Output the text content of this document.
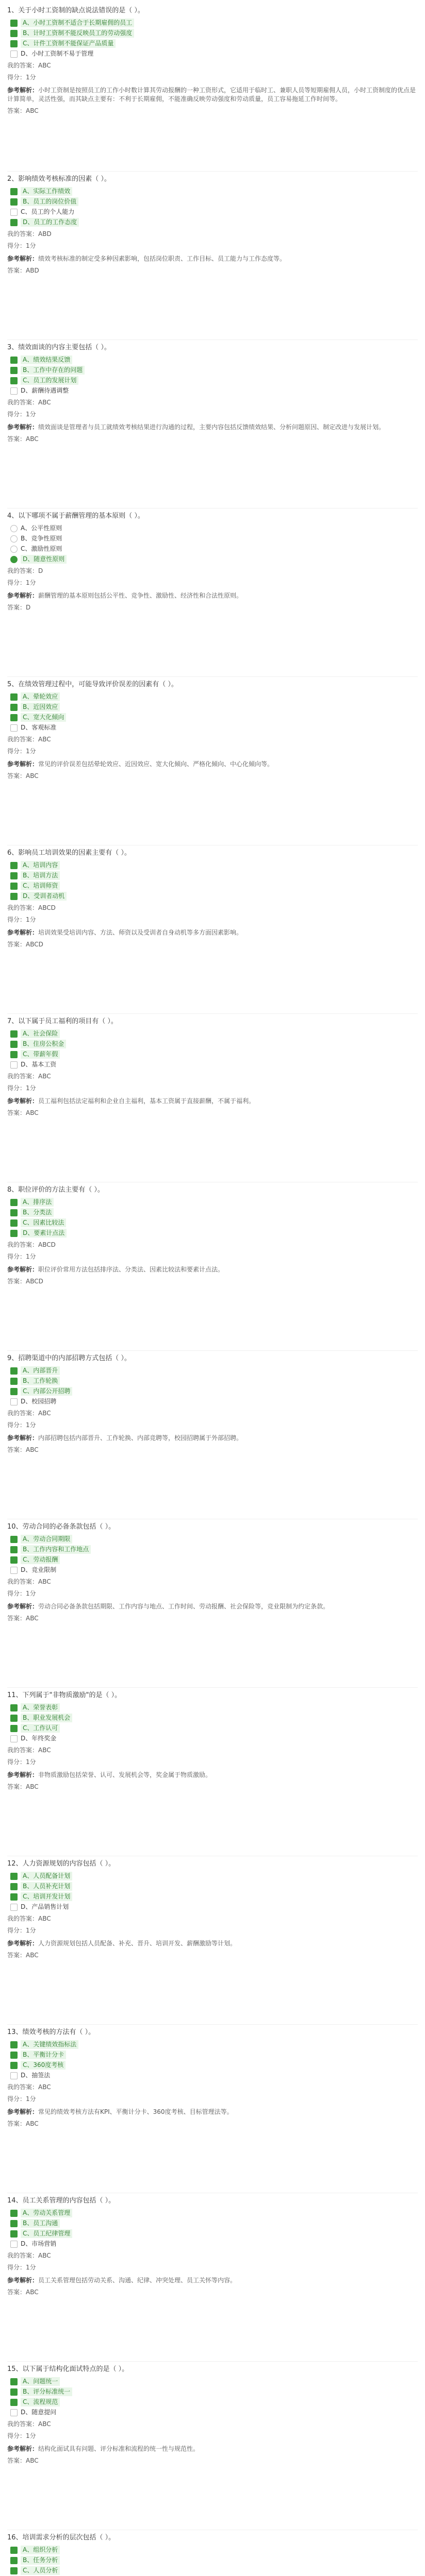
1、关于小时工资制的缺点说法错误的是（ ）。
A、小时工资制不适合于长期雇佣的员工
B、计时工资制不能反映员工的劳动强度
C、计件工资制不能保证产品质量
D、小时工资制不易于管理
我的答案：ABC
得分：1分
参考解析：小时工资制是按照员工的工作小时数计算其劳动报酬的一种工资形式，它适用于临时工、兼职人员等短期雇佣人员，小时工资制度的优点是计算简单，灵活性强，而其缺点主要有：不利于长期雇佣，不能准确反映劳动强度和劳动质量，员工容易拖延工作时间等。
答案：ABC
2、影响绩效考核标准的因素（ ）。
A、实际工作绩效
B、员工的岗位价值
C、员工的个人能力
D、员工的工作态度
我的答案：ABD
得分：1分
参考解析：绩效考核标准的制定受多种因素影响，包括岗位职责、工作目标、员工能力与工作态度等。
答案：ABD
3、绩效面谈的内容主要包括（ ）。
A、绩效结果反馈
B、工作中存在的问题
C、员工的发展计划
D、薪酬待遇调整
我的答案：ABC
得分：1分
参考解析：绩效面谈是管理者与员工就绩效考核结果进行沟通的过程，主要内容包括反馈绩效结果、分析问题原因、制定改进与发展计划。
答案：ABC
4、以下哪项不属于薪酬管理的基本原则（ ）。
A、公平性原则
B、竞争性原则
C、激励性原则
D、随意性原则
我的答案：D
得分：1分
参考解析：薪酬管理的基本原则包括公平性、竞争性、激励性、经济性和合法性原则。
答案：D
5、在绩效管理过程中，可能导致评价误差的因素有（ ）。
A、晕轮效应
B、近因效应
C、宽大化倾向
D、客观标准
我的答案：ABC
得分：1分
参考解析：常见的评价误差包括晕轮效应、近因效应、宽大化倾向、严格化倾向、中心化倾向等。
答案：ABC
6、影响员工培训效果的因素主要有（ ）。
A、培训内容
B、培训方法
C、培训师资
D、受训者动机
我的答案：ABCD
得分：1分
参考解析：培训效果受培训内容、方法、师资以及受训者自身动机等多方面因素影响。
答案：ABCD
7、以下属于员工福利的项目有（ ）。
A、社会保险
B、住房公积金
C、带薪年假
D、基本工资
我的答案：ABC
得分：1分
参考解析：员工福利包括法定福利和企业自主福利，基本工资属于直接薪酬，不属于福利。
答案：ABC
8、职位评价的方法主要有（ ）。
A、排序法
B、分类法
C、因素比较法
D、要素计点法
我的答案：ABCD
得分：1分
参考解析：职位评价常用方法包括排序法、分类法、因素比较法和要素计点法。
答案：ABCD
9、招聘渠道中的内部招聘方式包括（ ）。
A、内部晋升
B、工作轮换
C、内部公开招聘
D、校园招聘
我的答案：ABC
得分：1分
参考解析：内部招聘包括内部晋升、工作轮换、内部竞聘等，校园招聘属于外部招聘。
答案：ABC
10、劳动合同的必备条款包括（ ）。
A、劳动合同期限
B、工作内容和工作地点
C、劳动报酬
D、竞业限制
我的答案：ABC
得分：1分
参考解析：劳动合同必备条款包括期限、工作内容与地点、工作时间、劳动报酬、社会保险等，竞业限制为约定条款。
答案：ABC
11、下列属于"非物质激励"的是（ ）。
A、荣誉表彰
B、职业发展机会
C、工作认可
D、年终奖金
我的答案：ABC
得分：1分
参考解析：非物质激励包括荣誉、认可、发展机会等，奖金属于物质激励。
答案：ABC
12、人力资源规划的内容包括（ ）。
A、人员配备计划
B、人员补充计划
C、培训开发计划
D、产品销售计划
我的答案：ABC
得分：1分
参考解析：人力资源规划包括人员配备、补充、晋升、培训开发、薪酬激励等计划。
答案：ABC
13、绩效考核的方法有（ ）。
A、关键绩效指标法
B、平衡计分卡
C、360度考核
D、抽签法
我的答案：ABC
得分：1分
参考解析：常见的绩效考核方法有KPI、平衡计分卡、360度考核、目标管理法等。
答案：ABC
14、员工关系管理的内容包括（ ）。
A、劳动关系管理
B、员工沟通
C、员工纪律管理
D、市场营销
我的答案：ABC
得分：1分
参考解析：员工关系管理包括劳动关系、沟通、纪律、冲突处理、员工关怀等内容。
答案：ABC
15、以下属于结构化面试特点的是（ ）。
A、问题统一
B、评分标准统一
C、流程规范
D、随意提问
我的答案：ABC
得分：1分
参考解析：结构化面试具有问题、评分标准和流程的统一性与规范性。
答案：ABC
16、培训需求分析的层次包括（ ）。
A、组织分析
B、任务分析
C、人员分析
